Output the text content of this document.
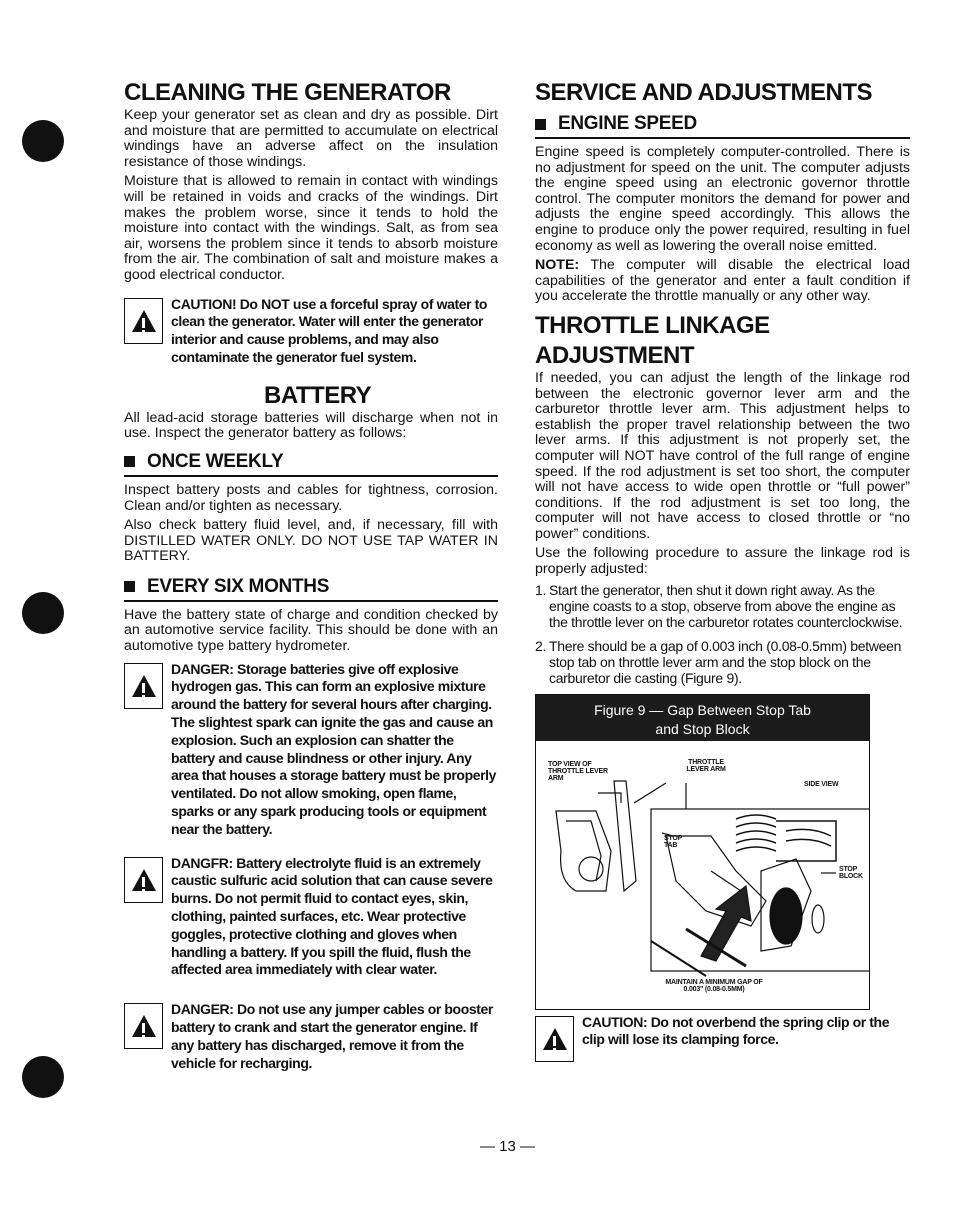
CLEANING THE GENERATOR

Keep your generator set as clean and dry as possible. Dirt and moisture that are permitted to accumulate on electrical windings have an adverse affect on the insulation resistance of those windings.

Moisture that is allowed to remain in contact with windings will be retained in voids and cracks of the windings. Dirt makes the problem worse, since it tends to hold the moisture into contact with the windings. Salt, as from sea air, worsens the problem since it tends to absorb moisture from the air. The combination of salt and moisture makes a good electrical conductor.

CAUTION! Do NOT use a forceful spray of water to clean the generator. Water will enter the generator interior and cause problems, and may also contaminate the generator fuel system.
BATTERY

All lead-acid storage batteries will discharge when not in use. Inspect the generator battery as follows:

ONCE WEEKLY

Inspect battery posts and cables for tightness, corrosion. Clean and/or tighten as necessary.

Also check battery fluid level, and, if necessary, fill with DISTILLED WATER ONLY. DO NOT USE TAP WATER IN BATTERY.

EVERY SIX MONTHS

Have the battery state of charge and condition checked by an automotive service facility. This should be done with an automotive type battery hydrometer.

DANGER: Storage batteries give off explosive hydrogen gas. This can form an explosive mixture around the battery for several hours after charging. The slightest spark can ignite the gas and cause an explosion. Such an explosion can shatter the battery and cause blindness or other injury. Any area that houses a storage battery must be properly ventilated. Do not allow smoking, open flame, sparks or any spark producing tools or equipment near the battery.
DANGFR: Battery electrolyte fluid is an extremely caustic sulfuric acid solution that can cause severe burns. Do not permit fluid to contact eyes, skin, clothing, painted surfaces, etc. Wear protective goggles, protective clothing and gloves when handling a battery. If you spill the fluid, flush the affected area immediately with clear water.
DANGER: Do not use any jumper cables or booster battery to crank and start the generator engine. If any battery has discharged, remove it from the vehicle for recharging.
SERVICE AND ADJUSTMENTS
ENGINE SPEED

Engine speed is completely computer-controlled. There is no adjustment for speed on the unit. The computer adjusts the engine speed using an electronic governor throttle control. The computer monitors the demand for power and adjusts the engine speed accordingly. This allows the engine to produce only the power required, resulting in fuel economy as well as lowering the overall noise emitted.

NOTE: The computer will disable the electrical load capabilities of the generator and enter a fault condition if you accelerate the throttle manually or any other way.

THROTTLE LINKAGE ADJUSTMENT

If needed, you can adjust the length of the linkage rod between the electronic governor lever arm and the carburetor throttle lever arm. This adjustment helps to establish the proper travel relationship between the two lever arms. If this adjustment is not properly set, the computer will NOT have control of the full range of engine speed. If the rod adjustment is set too short, the computer will not have access to wide open throttle or “full power” conditions. If the rod adjustment is set too long, the computer will not have access to closed throttle or “no power” conditions.

Use the following procedure to assure the linkage rod is properly adjusted:

1. Start the generator, then shut it down right away. As the engine coasts to a stop, observe from above the engine as the throttle lever on the carburetor rotates counterclockwise.
2. There should be a gap of 0.003 inch (0.08-0.5mm) between stop tab on throttle lever arm and the stop block on the carburetor die casting (Figure 9).
Figure 9 — Gap Between Stop Tab
and Stop Block
TOP VIEW OF THROTTLE LEVER ARM
THROTTLE LEVER ARM
SIDE VIEW
STOP TAB
STOP BLOCK
MAINTAIN A MINIMUM GAP OF 0.003" (0.08-0.5MM)
CAUTION: Do not overbend the spring clip or the clip will lose its clamping force.
— 13 —
